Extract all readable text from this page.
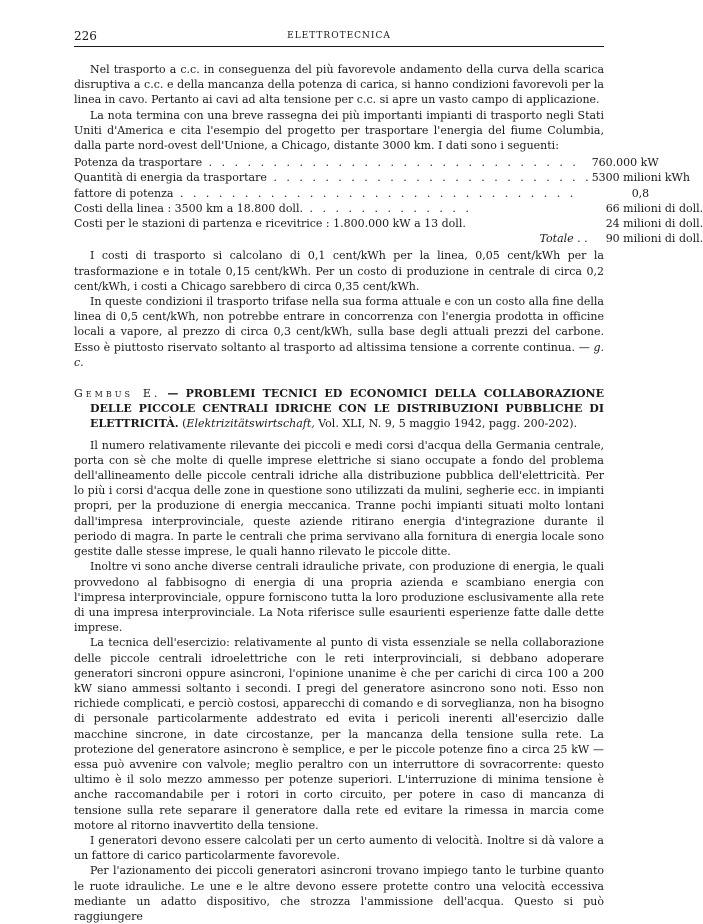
226	ELETTROTECNICA

Nel trasporto a c.c. in conseguenza del più favorevole andamento della curva della scarica disruptiva a c.c. e della mancanza della potenza di carica, si hanno condizioni favorevoli per la linea in cavo. Pertanto ai cavi ad alta tensione per c.c. si apre un vasto campo di applicazione.

La nota termina con una breve rassegna dei più importanti impianti di trasporto negli Stati Uniti d'America e cita l'esempio del progetto per trasportare l'energia del fiume Columbia, dalla parte nord-ovest dell'Unione, a Chicago, distante 3000 km. I dati sono i seguenti:

Potenza da trasportare . . . . . . . . . . . . . . . . . . . . . . . . . . . . .	760.000 kW
Quantità di energia da trasportare . . . . . . . . . . . . . . . . . . . . . . . . .	5300 milioni kWh
fattore di potenza . . . . . . . . . . . . . . . . . . . . . . . . . . . . . . .	0,8
Costi della linea : 3500 km a 18.800 doll. . . . . . . . . . . . . .	66 milioni di doll.
Costi per le stazioni di partenza e ricevitrice : 1.800.000 kW a 13 doll.	24 milioni di doll.
Totale . .	90 milioni di doll.

I costi di trasporto si calcolano di 0,1 cent/kWh per la linea, 0,05 cent/kWh per la trasformazione e in totale 0,15 cent/kWh. Per un costo di produzione in centrale di circa 0,2 cent/kWh, i costi a Chicago sarebbero di circa 0,35 cent/kWh.

In queste condizioni il trasporto trifase nella sua forma attuale e con un costo alla fine della linea di 0,5 cent/kWh, non potrebbe entrare in concorrenza con l'energia prodotta in officine locali a vapore, al prezzo di circa 0,3 cent/kWh, sulla base degli attuali prezzi del carbone. Esso è piuttosto riservato soltanto al trasporto ad altissima tensione a corrente continua. — g. c.

Gembus E. — PROBLEMI TECNICI ED ECONOMICI DELLA COLLABORAZIONE DELLE PICCOLE CENTRALI IDRICHE CON LE DISTRIBUZIONI PUBBLICHE DI ELETTRICITÀ. (Elektrizitätswirtschaft, Vol. XLI, N. 9, 5 maggio 1942, pagg. 200-202).

Il numero relativamente rilevante dei piccoli e medi corsi d'acqua della Germania centrale, porta con sè che molte di quelle imprese elettriche si siano occupate a fondo del problema dell'allineamento delle piccole centrali idriche alla distribuzione pubblica dell'elettricità. Per lo più i corsi d'acqua delle zone in questione sono utilizzati da mulini, segherie ecc. in impianti propri, per la produzione di energia meccanica. Tranne pochi impianti situati molto lontani dall'impresa interprovinciale, queste aziende ritirano energia d'integrazione durante il periodo di magra. In parte le centrali che prima servivano alla fornitura di energia locale sono gestite dalle stesse imprese, le quali hanno rilevato le piccole ditte.

Inoltre vi sono anche diverse centrali idrauliche private, con produzione di energia, le quali provvedono al fabbisogno di energia di una propria azienda e scambiano energia con l'impresa interprovinciale, oppure forniscono tutta la loro produzione esclusivamente alla rete di una impresa interprovinciale. La Nota riferisce sulle esaurienti esperienze fatte dalle dette imprese.

La tecnica dell'esercizio: relativamente al punto di vista essenziale se nella collaborazione delle piccole centrali idroelettriche con le reti interprovinciali, si debbano adoperare generatori sincroni oppure asincroni, l'opinione unanime è che per carichi di circa 100 a 200 kW siano ammessi soltanto i secondi. I pregi del generatore asincrono sono noti. Esso non richiede complicati, e perciò costosi, apparecchi di comando e di sorveglianza, non ha bisogno di personale particolarmente addestrato ed evita i pericoli inerenti all'esercizio dalle macchine sincrone, in date circostanze, per la mancanza della tensione sulla rete. La protezione del generatore asincrono è semplice, e per le piccole potenze fino a circa 25 kW — essa può avvenire con valvole; meglio peraltro con un interruttore di sovracorrente: questo ultimo è il solo mezzo ammesso per potenze superiori. L'interruzione di minima tensione è anche raccomandabile per i rotori in corto circuito, per potere in caso di mancanza di tensione sulla rete separare il generatore dalla rete ed evitare la rimessa in marcia come motore al ritorno inavvertito della tensione.

I generatori devono essere calcolati per un certo aumento di velocità. Inoltre si dà valore a un fattore di carico particolarmente favorevole.

Per l'azionamento dei piccoli generatori asincroni trovano impiego tanto le turbine quanto le ruote idrauliche. Le une e le altre devono essere protette contro una velocità eccessiva mediante un adatto dispositivo, che strozza l'ammissione dell'acqua. Questo si può raggiungere
